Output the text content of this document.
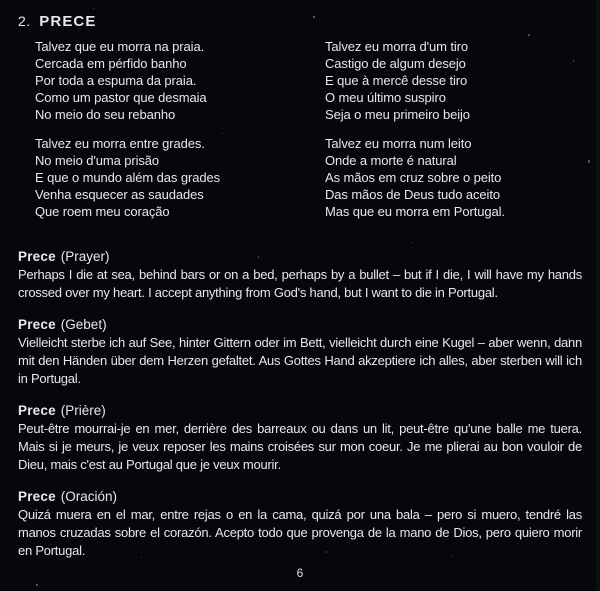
2. PRECE
Talvez que eu morra na praia.
Cercada em pérfido banho
Por toda a espuma da praia.
Como um pastor que desmaia
No meio do seu rebanho
Talvez eu morra entre grades.
No meio d'uma prisão
E que o mundo além das grades
Venha esquecer as saudades
Que roem meu coração
Talvez eu morra d'um tiro
Castigo de algum desejo
E que à mercê desse tiro
O meu último suspiro
Seja o meu primeiro beijo
Talvez eu morra num leito
Onde a morte é natural
As mãos em cruz sobre o peito
Das mãos de Deus tudo aceito
Mas que eu morra em Portugal.
Prece (Prayer)

Perhaps I die at sea, behind bars or on a bed, perhaps by a bullet – but if I die, I will have my hands crossed over my heart. I accept anything from God's hand, but I want to die in Portugal.

Prece (Gebet)

Vielleicht sterbe ich auf See, hinter Gittern oder im Bett, vielleicht durch eine Kugel – aber wenn, dann mit den Händen über dem Herzen gefaltet. Aus Gottes Hand akzeptiere ich alles, aber sterben will ich in Portugal.

Prece (Prière)

Peut-être mourrai-je en mer, derrière des barreaux ou dans un lit, peut-être qu'une balle me tuera. Mais si je meurs, je veux reposer les mains croisées sur mon coeur. Je me plierai au bon vouloir de Dieu, mais c'est au Portugal que je veux mourir.

Prece (Oración)

Quizá muera en el mar, entre rejas o en la cama, quizá por una bala – pero si muero, tendré las manos cruzadas sobre el corazón. Acepto todo que provenga de la mano de Dios, pero quiero morir en Portugal.

6
